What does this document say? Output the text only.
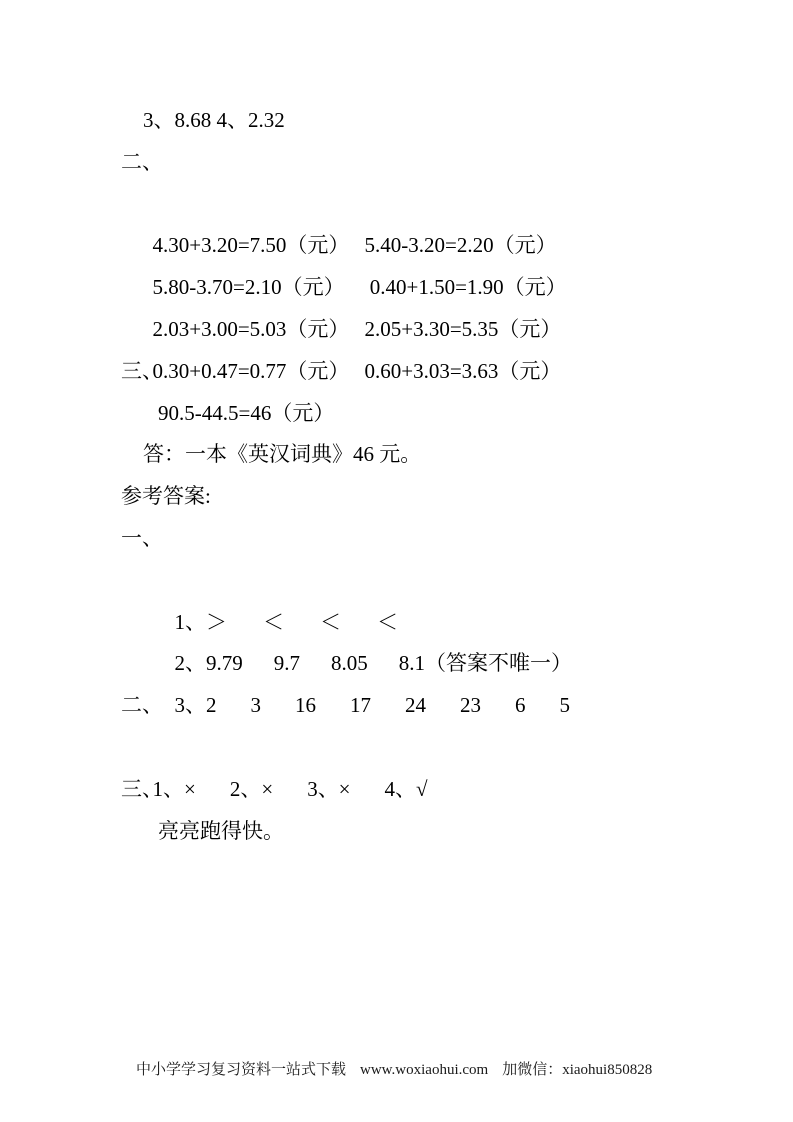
3、8.68 4、2.32

二、

4.30+3.20=7.50（元） 5.40-3.20=2.20（元）

5.80-3.70=2.10（元） 0.40+1.50=1.90（元）

2.03+3.00=5.03（元） 2.05+3.30=5.35（元）

0.30+0.47=0.77（元） 0.60+3.03=3.63（元）

三、

90.5-44.5=46（元）

答：一本《英汉词典》46 元。

参考答案:

一、

1、＞ ＜ ＜ ＜

2、9.79 9.7 8.05 8.1（答案不唯一）

3、2 3 16 17 24 23 6 5

二、

1、× 2、× 3、× 4、√

三、

亮亮跑得快。

中小学学习复习资料一站式下载 www.woxiaohui.com 加微信：xiaohui850828
